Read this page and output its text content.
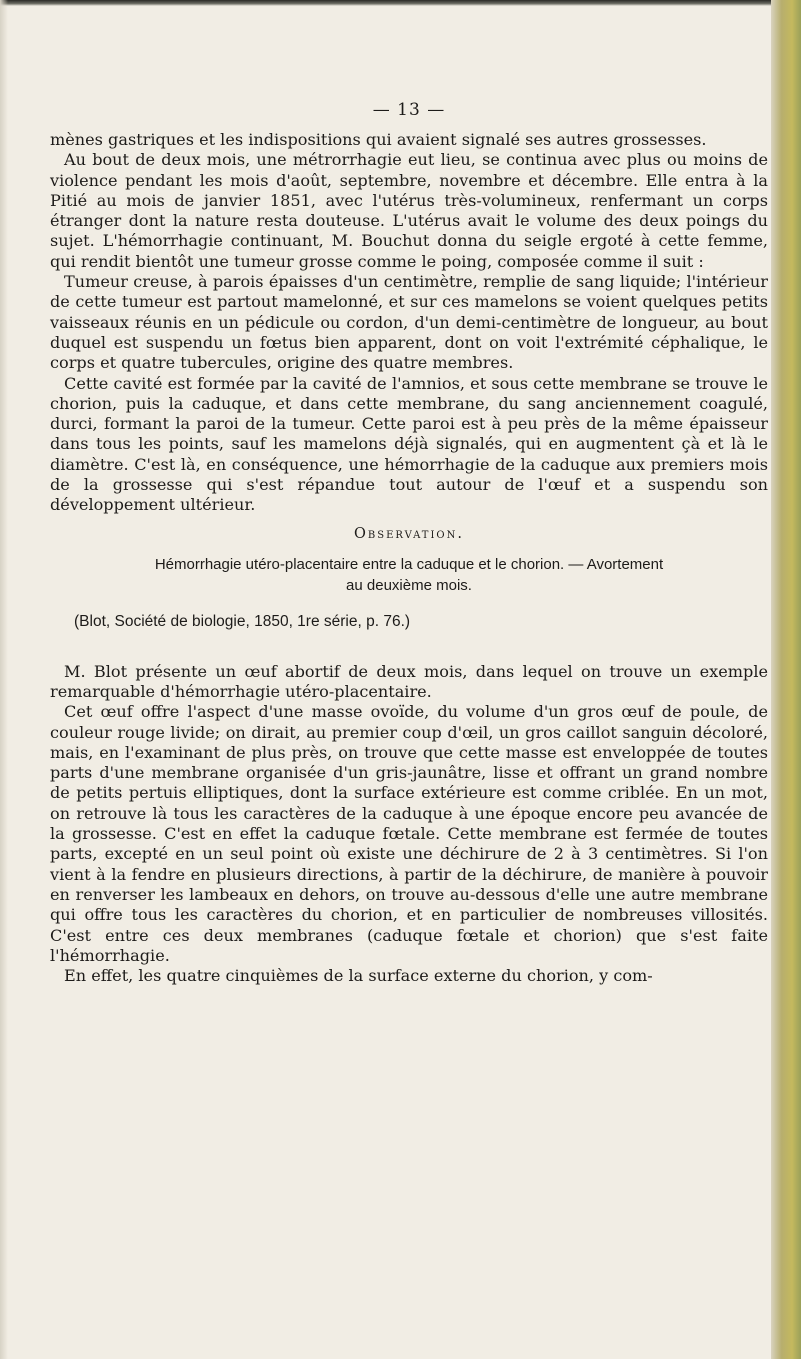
— 13 —

mènes gastriques et les indispositions qui avaient signalé ses autres grossesses.

Au bout de deux mois, une métrorrhagie eut lieu, se continua avec plus ou moins de violence pendant les mois d'août, septembre, novembre et décembre. Elle entra à la Pitié au mois de janvier 1851, avec l'utérus très-volumineux, renfermant un corps étranger dont la nature resta douteuse. L'utérus avait le volume des deux poings du sujet. L'hémorrhagie continuant, M. Bouchut donna du seigle ergoté à cette femme, qui rendit bientôt une tumeur grosse comme le poing, composée comme il suit :

Tumeur creuse, à parois épaisses d'un centimètre, remplie de sang liquide; l'intérieur de cette tumeur est partout mamelonné, et sur ces mamelons se voient quelques petits vaisseaux réunis en un pédicule ou cordon, d'un demi-centimètre de longueur, au bout duquel est suspendu un fœtus bien apparent, dont on voit l'extrémité céphalique, le corps et quatre tubercules, origine des quatre membres.

Cette cavité est formée par la cavité de l'amnios, et sous cette membrane se trouve le chorion, puis la caduque, et dans cette membrane, du sang anciennement coagulé, durci, formant la paroi de la tumeur. Cette paroi est à peu près de la même épaisseur dans tous les points, sauf les mamelons déjà signalés, qui en augmentent çà et là le diamètre. C'est là, en conséquence, une hémorrhagie de la caduque aux premiers mois de la grossesse qui s'est répandue tout autour de l'œuf et a suspendu son développement ultérieur.

Observation.
Hémorrhagie utéro-placentaire entre la caduque et le chorion. — Avortement
au deuxième mois.
(Blot, Société de biologie, 1850, 1re série, p. 76.)

M. Blot présente un œuf abortif de deux mois, dans lequel on trouve un exemple remarquable d'hémorrhagie utéro-placentaire.

Cet œuf offre l'aspect d'une masse ovoïde, du volume d'un gros œuf de poule, de couleur rouge livide; on dirait, au premier coup d'œil, un gros caillot sanguin décoloré, mais, en l'examinant de plus près, on trouve que cette masse est enveloppée de toutes parts d'une membrane organisée d'un gris-jaunâtre, lisse et offrant un grand nombre de petits pertuis elliptiques, dont la surface extérieure est comme criblée. En un mot, on retrouve là tous les caractères de la caduque à une époque encore peu avancée de la grossesse. C'est en effet la caduque fœtale. Cette membrane est fermée de toutes parts, excepté en un seul point où existe une déchirure de 2 à 3 centimètres. Si l'on vient à la fendre en plusieurs directions, à partir de la déchirure, de manière à pouvoir en renverser les lambeaux en dehors, on trouve au-dessous d'elle une autre membrane qui offre tous les caractères du chorion, et en particulier de nombreuses villosités. C'est entre ces deux membranes (caduque fœtale et chorion) que s'est faite l'hémorrhagie.

En effet, les quatre cinquièmes de la surface externe du chorion, y com-
